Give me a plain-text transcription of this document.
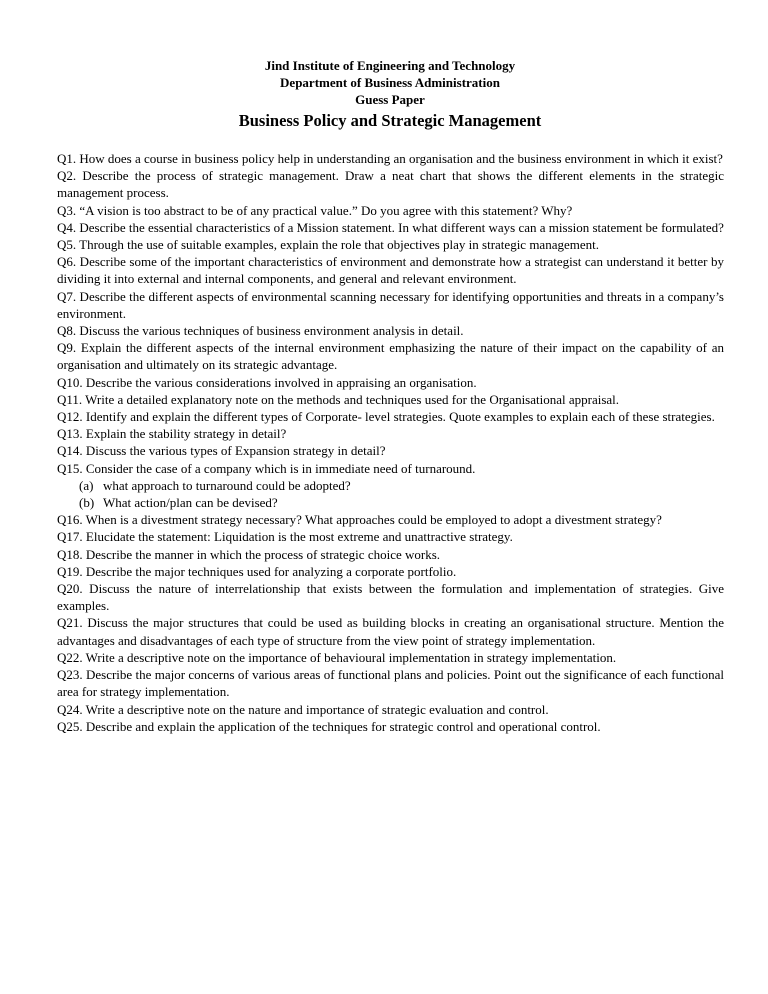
Jind Institute of Engineering and Technology
Department of Business Administration
Guess Paper
Business Policy and Strategic Management

Q1. How does a course in business policy help in understanding an organisation and the business environment in which it exist?

Q2. Describe the process of strategic management. Draw a neat chart that shows the different elements in the strategic management process.

Q3. “A vision is too abstract to be of any practical value.” Do you agree with this statement? Why?

Q4. Describe the essential characteristics of a Mission statement. In what different ways can a mission statement be formulated?

Q5. Through the use of suitable examples, explain the role that objectives play in strategic management.

Q6. Describe some of the important characteristics of environment and demonstrate how a strategist can understand it better by dividing it into external and internal components, and general and relevant environment.

Q7. Describe the different aspects of environmental scanning necessary for identifying opportunities and threats in a company’s environment.

Q8. Discuss the various techniques of business environment analysis in detail.

Q9. Explain the different aspects of the internal environment emphasizing the nature of their impact on the capability of an organisation and ultimately on its strategic advantage.

Q10. Describe the various considerations involved in appraising an organisation.

Q11. Write a detailed explanatory note on the methods and techniques used for the Organisational appraisal.

Q12. Identify and explain the different types of Corporate- level strategies. Quote examples to explain each of these strategies.

Q13. Explain the stability strategy in detail?

Q14. Discuss the various types of Expansion strategy in detail?

Q15. Consider the case of a company which is in immediate need of turnaround.

(a) what approach to turnaround could be adopted?

(b) What action/plan can be devised?

Q16. When is a divestment strategy necessary? What approaches could be employed to adopt a divestment strategy?

Q17. Elucidate the statement: Liquidation is the most extreme and unattractive strategy.

Q18. Describe the manner in which the process of strategic choice works.

Q19. Describe the major techniques used for analyzing a corporate portfolio.

Q20. Discuss the nature of interrelationship that exists between the formulation and implementation of strategies. Give examples.

Q21. Discuss the major structures that could be used as building blocks in creating an organisational structure. Mention the advantages and disadvantages of each type of structure from the view point of strategy implementation.

Q22. Write a descriptive note on the importance of behavioural implementation in strategy implementation.

Q23. Describe the major concerns of various areas of functional plans and policies. Point out the significance of each functional area for strategy implementation.

Q24. Write a descriptive note on the nature and importance of strategic evaluation and control.

Q25. Describe and explain the application of the techniques for strategic control and operational control.
